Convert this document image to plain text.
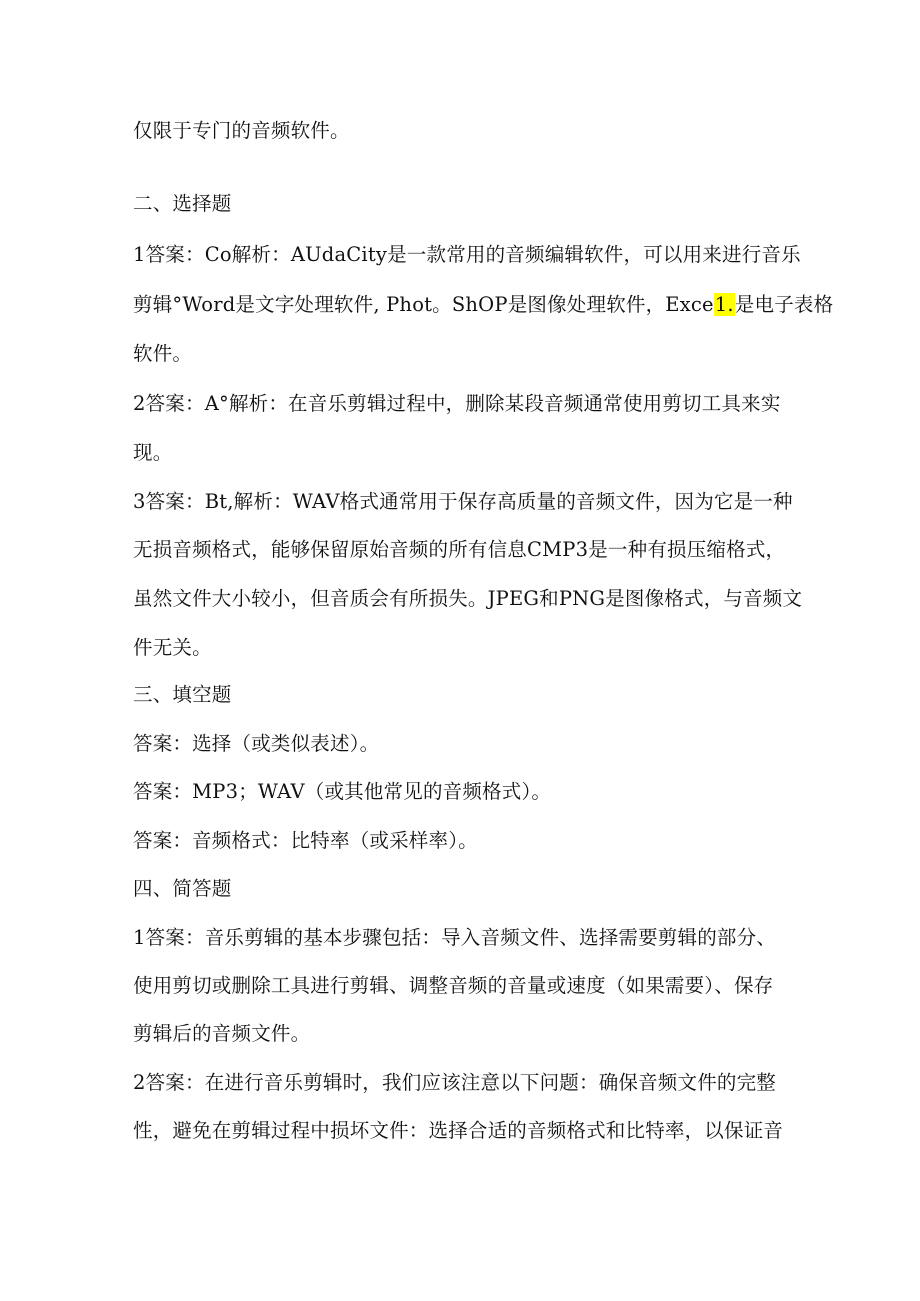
仅限于专门的音频软件。

二、选择题

1答案：Co解析：AUdaCity是一款常用的音频编辑软件，可以用来进行音乐

剪辑°Word是文字处理软件, Phot。ShOP是图像处理软件，Exce1.是电子表格

软件。

2答案：A°解析：在音乐剪辑过程中，删除某段音频通常使用剪切工具来实

现。

3答案：Bt,解析：WAV格式通常用于保存高质量的音频文件，因为它是一种

无损音频格式，能够保留原始音频的所有信息CMP3是一种有损压缩格式，

虽然文件大小较小，但音质会有所损失。JPEG和PNG是图像格式，与音频文

件无关。

三、填空题

答案：选择（或类似表述）。

答案：MP3；WAV（或其他常见的音频格式）。

答案：音频格式：比特率（或采样率）。

四、简答题

1答案：音乐剪辑的基本步骤包括：导入音频文件、选择需要剪辑的部分、

使用剪切或删除工具进行剪辑、调整音频的音量或速度（如果需要）、保存

剪辑后的音频文件。

2答案：在进行音乐剪辑时，我们应该注意以下问题：确保音频文件的完整

性，避免在剪辑过程中损坏文件：选择合适的音频格式和比特率，以保证音
